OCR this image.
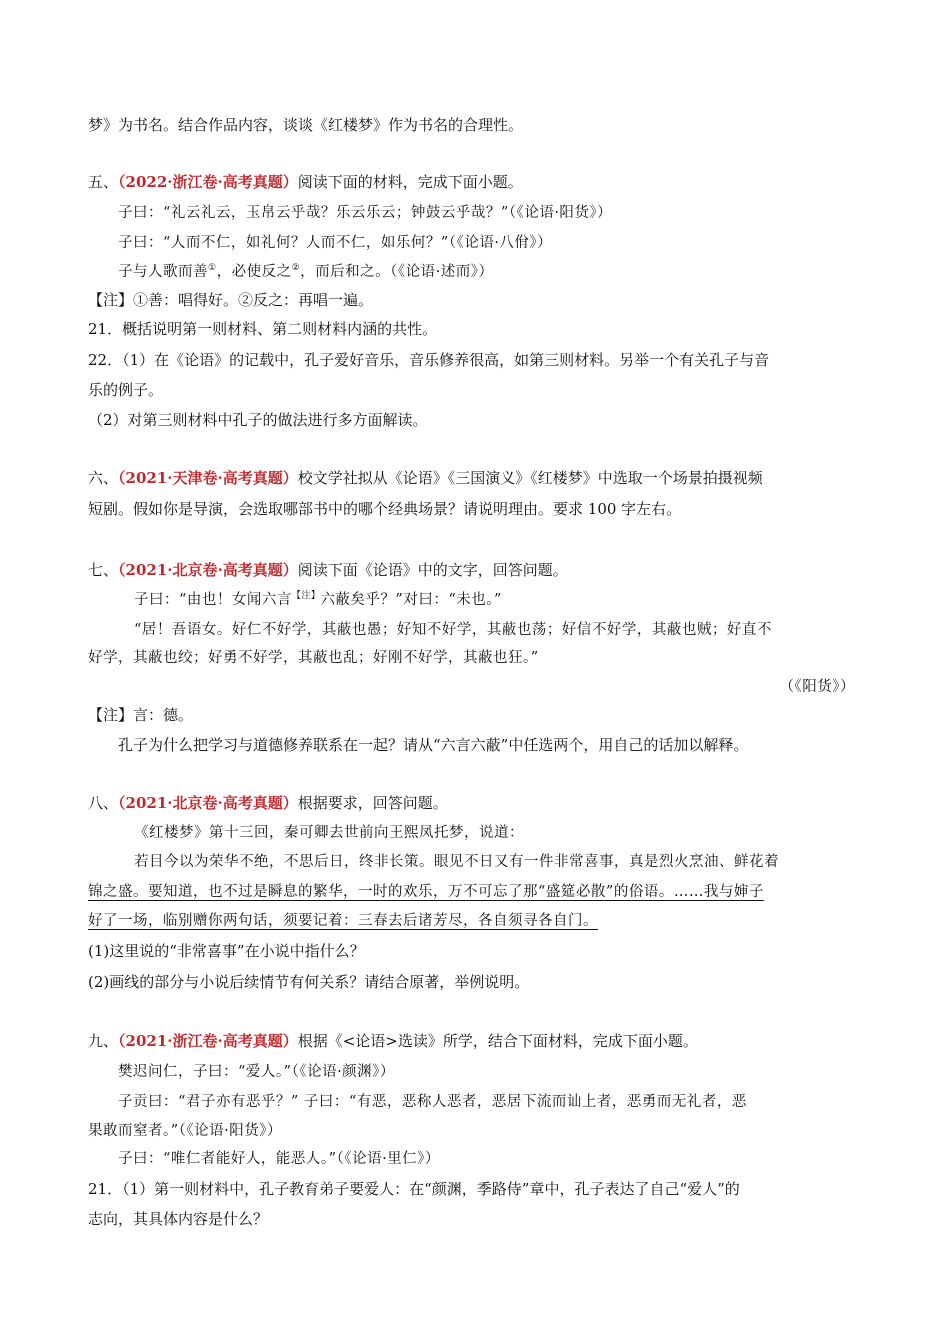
梦》为书名。结合作品内容，谈谈《红楼梦》作为书名的合理性。
五、（2022·浙江卷·高考真题）阅读下面的材料，完成下面小题。
子曰：“礼云礼云，玉帛云乎哉？乐云乐云；钟鼓云乎哉？”（《论语·阳货》）
子曰：“人而不仁，如礼何？人而不仁，如乐何？”（《论语·八佾》）
子与人歌而善①，必使反之②，而后和之。（《论语·述而》）
【注】①善：唱得好。②反之：再唱一遍。
21．概括说明第一则材料、第二则材料内涵的共性。
22．（1）在《论语》的记载中，孔子爱好音乐，音乐修养很高，如第三则材料。另举一个有关孔子与音
乐的例子。
（2）对第三则材料中孔子的做法进行多方面解读。
六、（2021·天津卷·高考真题）校文学社拟从《论语》《三国演义》《红楼梦》中选取一个场景拍摄视频
短剧。假如你是导演，会选取哪部书中的哪个经典场景？请说明理由。要求 100 字左右。
七、（2021·北京卷·高考真题）阅读下面《论语》中的文字，回答问题。
子曰：“由也！女闻六言$^{【注】}$六蔽矣乎？”对曰：“未也。”
“居！吾语女。好仁不好学，其蔽也愚；好知不好学，其蔽也荡；好信不好学，其蔽也贼；好直不
好学，其蔽也绞；好勇不好学，其蔽也乱；好刚不好学，其蔽也狂。”
（《阳货》）
【注】言：德。
孔子为什么把学习与道德修养联系在一起？请从“六言六蔽”中任选两个，用自己的话加以解释。
八、（2021·北京卷·高考真题）根据要求，回答问题。
《红楼梦》第十三回，秦可卿去世前向王熙凤托梦，说道：
若目今以为荣华不绝，不思后日，终非长策。眼见不日又有一件非常喜事，真是烈火烹油、鲜花着
锦之盛。要知道，也不过是瞬息的繁华，一时的欢乐，万不可忘了那“盛筵必散”的俗语。……我与婶子
好了一场，临别赠你两句话，须要记着：三春去后诸芳尽，各自须寻各自门。
(1)这里说的“非常喜事”在小说中指什么？
(2)画线的部分与小说后续情节有何关系？请结合原著，举例说明。
九、（2021·浙江卷·高考真题）根据《<论语>选读》所学，结合下面材料，完成下面小题。
樊迟问仁，子曰：“爱人。”（《论语·颜渊》）
子贡曰：“君子亦有恶乎？” 子曰：“有恶，恶称人恶者，恶居下流而讪上者，恶勇而无礼者，恶
果敢而窒者。”（《论语·阳货》）
子曰：“唯仁者能好人，能恶人。”（《论语·里仁》）
21．（1）第一则材料中，孔子教育弟子要爱人：在“颜渊，季路侍”章中，孔子表达了自己“爱人”的
志向，其具体内容是什么？
